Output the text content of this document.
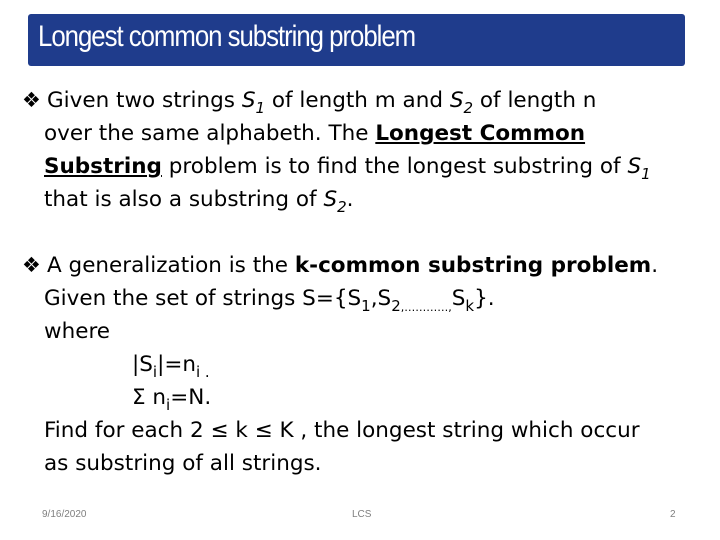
Longest common substring problem
❖ Given two strings $S_1$ of length m and $S_2$ of length n
over the same alphabeth. The Longest Common
Substring problem is to find the longest substring of $S_1$
that is also a substring of $S_2$.
❖ A generalization is the k-common substring problem.
Given the set of strings $S=\{S_1,S_{2,\dots\dots\dots\dots,}S_k\}$.
where
$|S_i|=n_{i .}$
Σ $n_i=N$.
Find for each 2 ≤ k ≤ K , the longest string which occur
as substring of all strings.
9/16/2020	LCS	2
